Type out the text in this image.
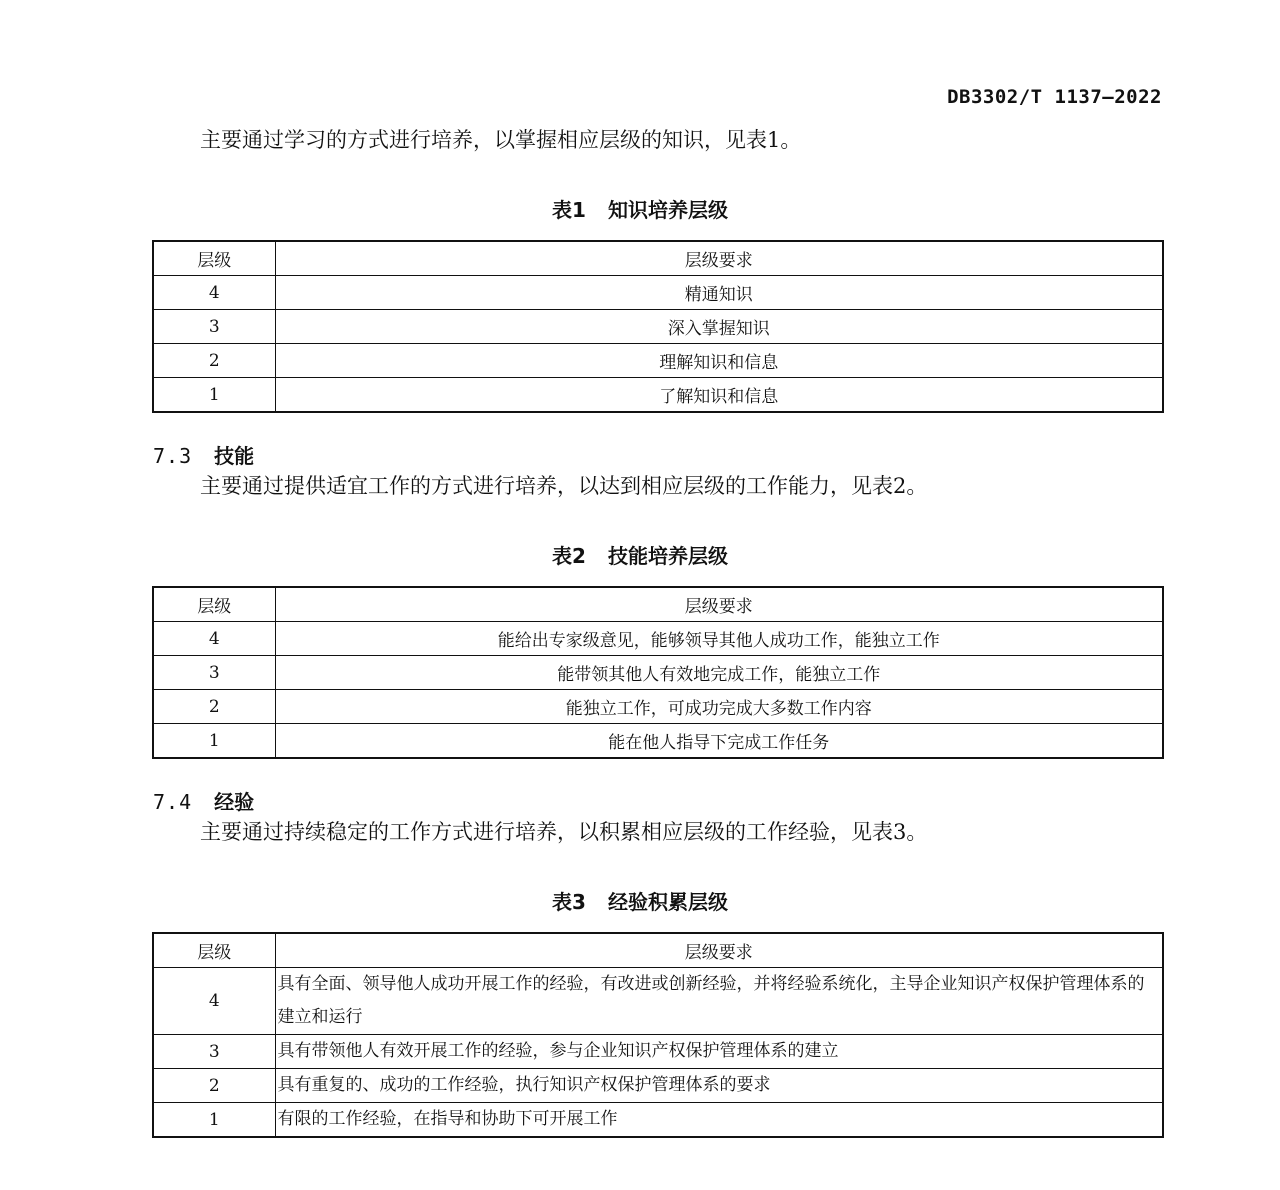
DB3302/T 1137—2022

主要通过学习的方式进行培养，以掌握相应层级的知识，见表1。

表1 知识培养层级
层级	层级要求
4	精通知识
3	深入掌握知识
2	理解知识和信息
1	了解知识和信息
7.3 技能

主要通过提供适宜工作的方式进行培养，以达到相应层级的工作能力，见表2。

表2 技能培养层级
层级	层级要求
4	能给出专家级意见，能够领导其他人成功工作，能独立工作
3	能带领其他人有效地完成工作，能独立工作
2	能独立工作，可成功完成大多数工作内容
1	能在他人指导下完成工作任务
7.4 经验

主要通过持续稳定的工作方式进行培养，以积累相应层级的工作经验，见表3。

表3 经验积累层级
层级	层级要求
4	具有全面、领导他人成功开展工作的经验，有改进或创新经验，并将经验系统化，主导企业知识产权保护管理体系的建立和运行
3	具有带领他人有效开展工作的经验，参与企业知识产权保护管理体系的建立
2	具有重复的、成功的工作经验，执行知识产权保护管理体系的要求
1	有限的工作经验，在指导和协助下可开展工作
